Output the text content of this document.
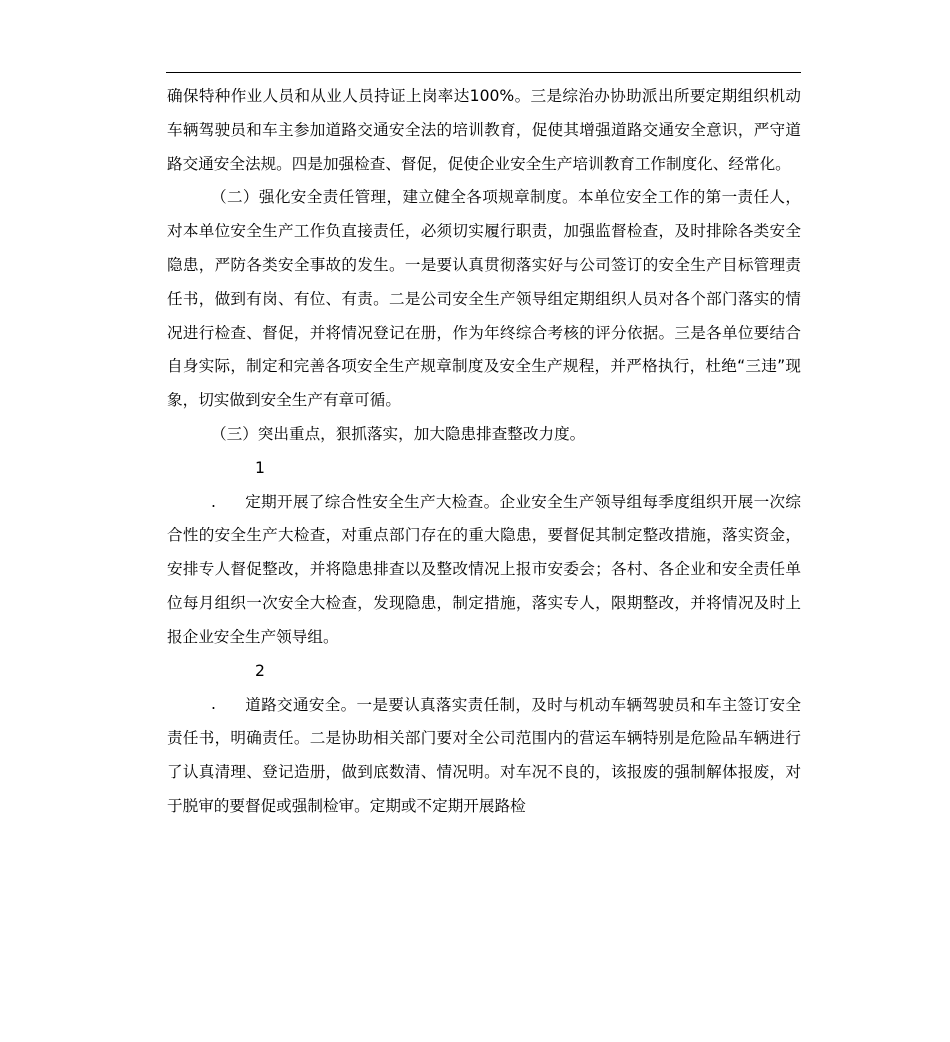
确保特种作业人员和从业人员持证上岗率达100%。三是综治办协助派出所要定期组织机动车辆驾驶员和车主参加道路交通安全法的培训教育，促使其增强道路交通安全意识，严守道路交通安全法规。四是加强检查、督促，促使企业安全生产培训教育工作制度化、经常化。

（二）强化安全责任管理，建立健全各项规章制度。本单位安全工作的第一责任人，对本单位安全生产工作负直接责任，必须切实履行职责，加强监督检查，及时排除各类安全隐患，严防各类安全事故的发生。一是要认真贯彻落实好与公司签订的安全生产目标管理责任书，做到有岗、有位、有责。二是公司安全生产领导组定期组织人员对各个部门落实的情况进行检查、督促，并将情况登记在册，作为年终综合考核的评分依据。三是各单位要结合自身实际，制定和完善各项安全生产规章制度及安全生产规程，并严格执行，杜绝“三违”现象，切实做到安全生产有章可循。

（三）突出重点，狠抓落实，加大隐患排查整改力度。

1. 定期开展了综合性安全生产大检查。企业安全生产领导组每季度组织开展一次综合性的安全生产大检查，对重点部门存在的重大隐患，要督促其制定整改措施，落实资金，安排专人督促整改，并将隐患排查以及整改情况上报市安委会；各村、各企业和安全责任单位每月组织一次安全大检查，发现隐患，制定措施，落实专人，限期整改，并将情况及时上报企业安全生产领导组。

2. 道路交通安全。一是要认真落实责任制，及时与机动车辆驾驶员和车主签订安全责任书，明确责任。二是协助相关部门要对全公司范围内的营运车辆特别是危险品车辆进行了认真清理、登记造册，做到底数清、情况明。对车况不良的，该报废的强制解体报废，对于脱审的要督促或强制检审。定期或不定期开展路检
